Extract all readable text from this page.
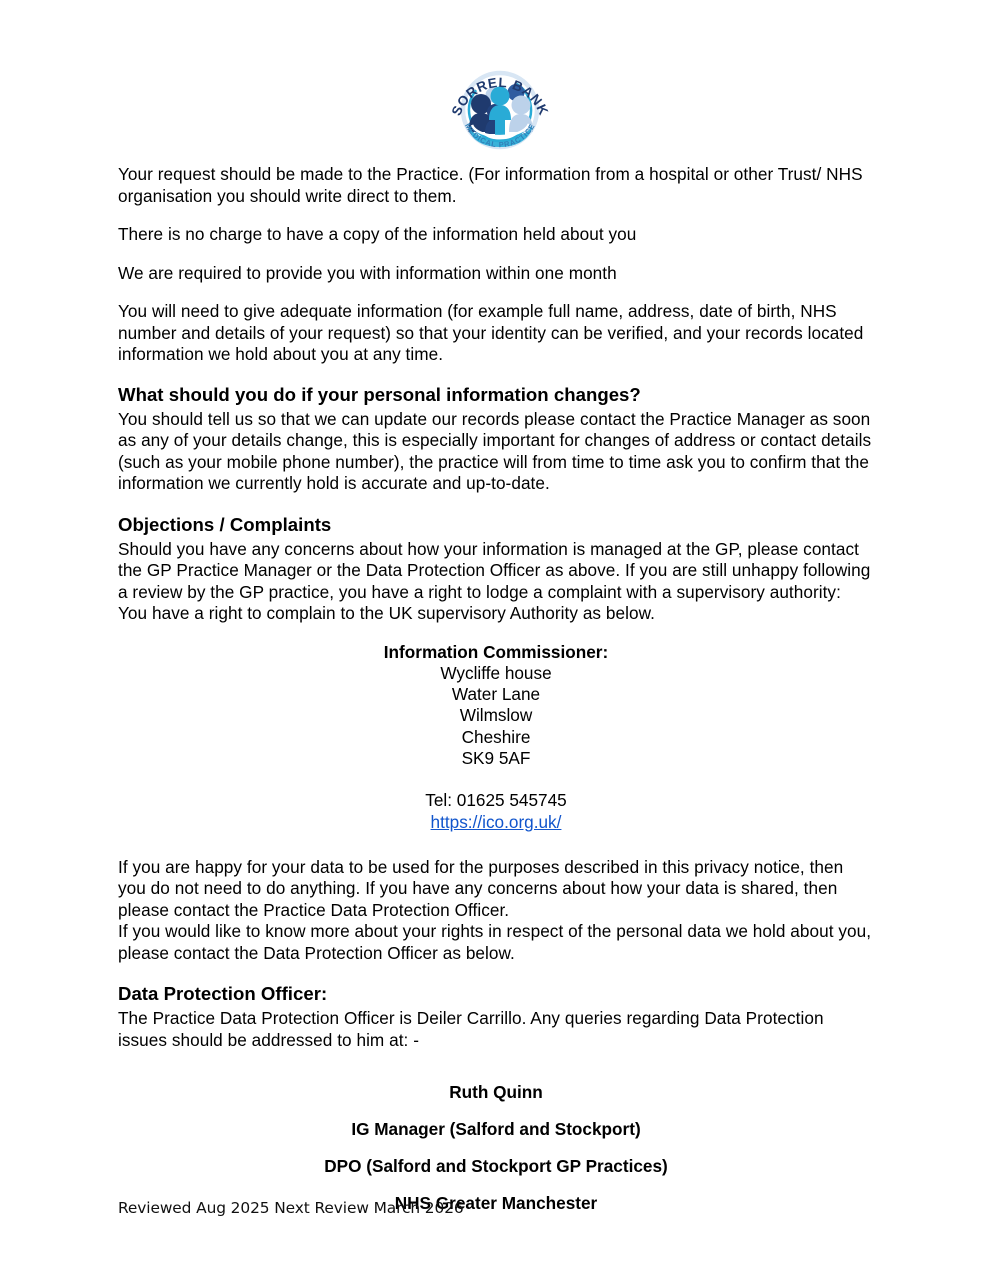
SORREL BANK
MEDICAL PRACTICE

Your request should be made to the Practice. (For information from a hospital or other Trust/ NHS organisation you should write direct to them.

There is no charge to have a copy of the information held about you

We are required to provide you with information within one month

You will need to give adequate information (for example full name, address, date of birth, NHS number and details of your request) so that your identity can be verified, and your records located information we hold about you at any time.

What should you do if your personal information changes?

You should tell us so that we can update our records please contact the Practice Manager as soon as any of your details change, this is especially important for changes of address or contact details (such as your mobile phone number), the practice will from time to time ask you to confirm that the information we currently hold is accurate and up-to-date.

Objections / Complaints

Should you have any concerns about how your information is managed at the GP, please contact the GP Practice Manager or the Data Protection Officer as above. If you are still unhappy following a review by the GP practice, you have a right to lodge a complaint with a supervisory authority: You have a right to complain to the UK supervisory Authority as below.

Information Commissioner:
Wycliffe house
Water Lane
Wilmslow
Cheshire
SK9 5AF
Tel: 01625 545745
https://ico.org.uk/

If you are happy for your data to be used for the purposes described in this privacy notice, then you do not need to do anything. If you have any concerns about how your data is shared, then please contact the Practice Data Protection Officer.

If you would like to know more about your rights in respect of the personal data we hold about you, please contact the Data Protection Officer as below.

Data Protection Officer:

The Practice Data Protection Officer is Deiler Carrillo. Any queries regarding Data Protection issues should be addressed to him at: -

Ruth Quinn

IG Manager (Salford and Stockport)

DPO (Salford and Stockport GP Practices)

NHS Greater Manchester

Reviewed Aug 2025 Next Review March 2026
